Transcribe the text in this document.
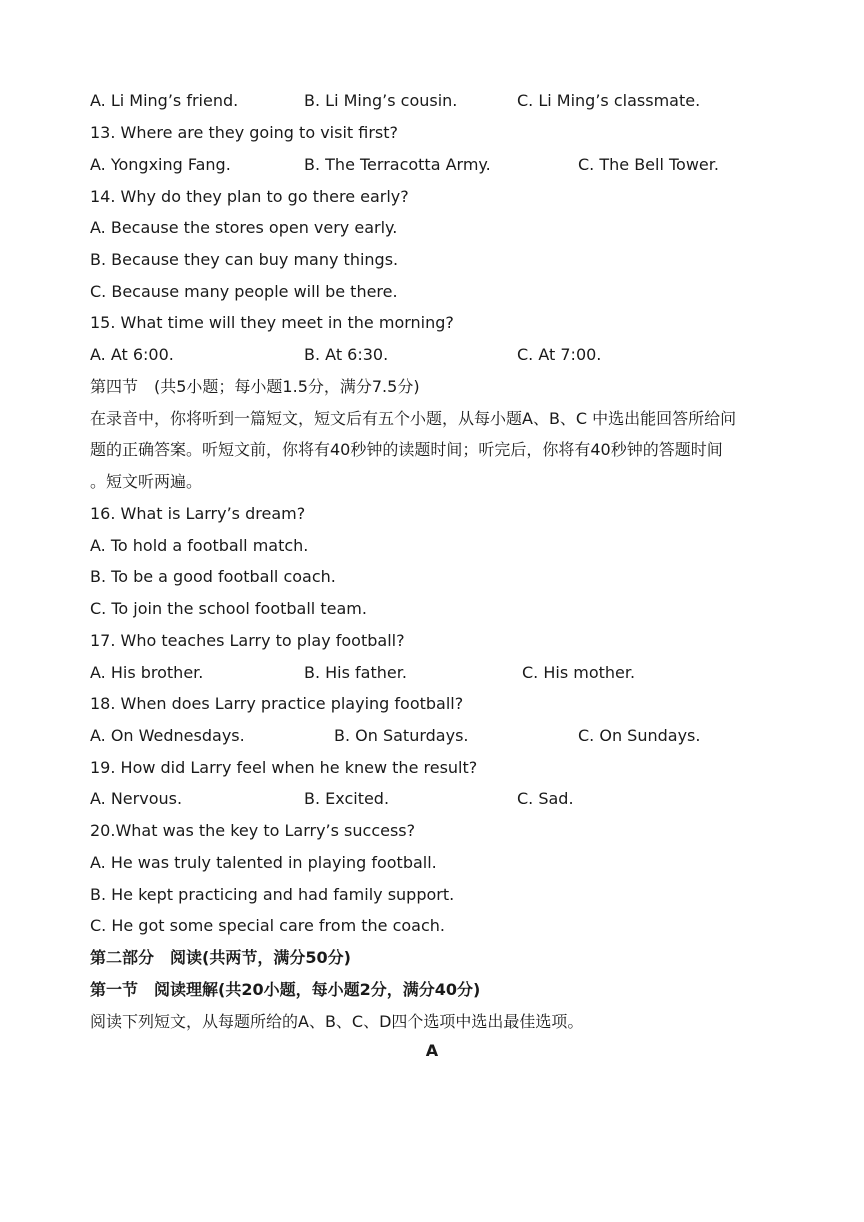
A. Li Ming’s friend.	B. Li Ming’s cousin.	C. Li Ming’s classmate.
13. Where are they going to visit first?
A. Yongxing Fang.	B. The Terracotta Army.	C. The Bell Tower.
14. Why do they plan to go there early?
A. Because the stores open very early.
B. Because they can buy many things.
C. Because many people will be there.
15. What time will they meet in the morning?
A. At 6:00.	B. At 6:30.	C. At 7:00.
第四节　(共5小题；每小题1.5分，满分7.5分)
在录音中，你将听到一篇短文，短文后有五个小题，从每小题A、B、C 中选出能回答所给问
题的正确答案。听短文前，你将有40秒钟的读题时间；听完后，你将有40秒钟的答题时间
。短文听两遍。
16. What is Larry’s dream?
A. To hold a football match.
B. To be a good football coach.
C. To join the school football team.
17. Who teaches Larry to play football?
A. His brother.	B. His father.	C. His mother.
18. When does Larry practice playing football?
A. On Wednesdays.	B. On Saturdays.	C. On Sundays.
19. How did Larry feel when he knew the result?
A. Nervous.	B. Excited.	C. Sad.
20.What was the key to Larry’s success?
A. He was truly talented in playing football.
B. He kept practicing and had family support.
C. He got some special care from the coach.
第二部分　阅读(共两节，满分50分)
第一节　阅读理解(共20小题，每小题2分，满分40分)
阅读下列短文，从每题所给的A、B、C、D四个选项中选出最佳选项。
A
